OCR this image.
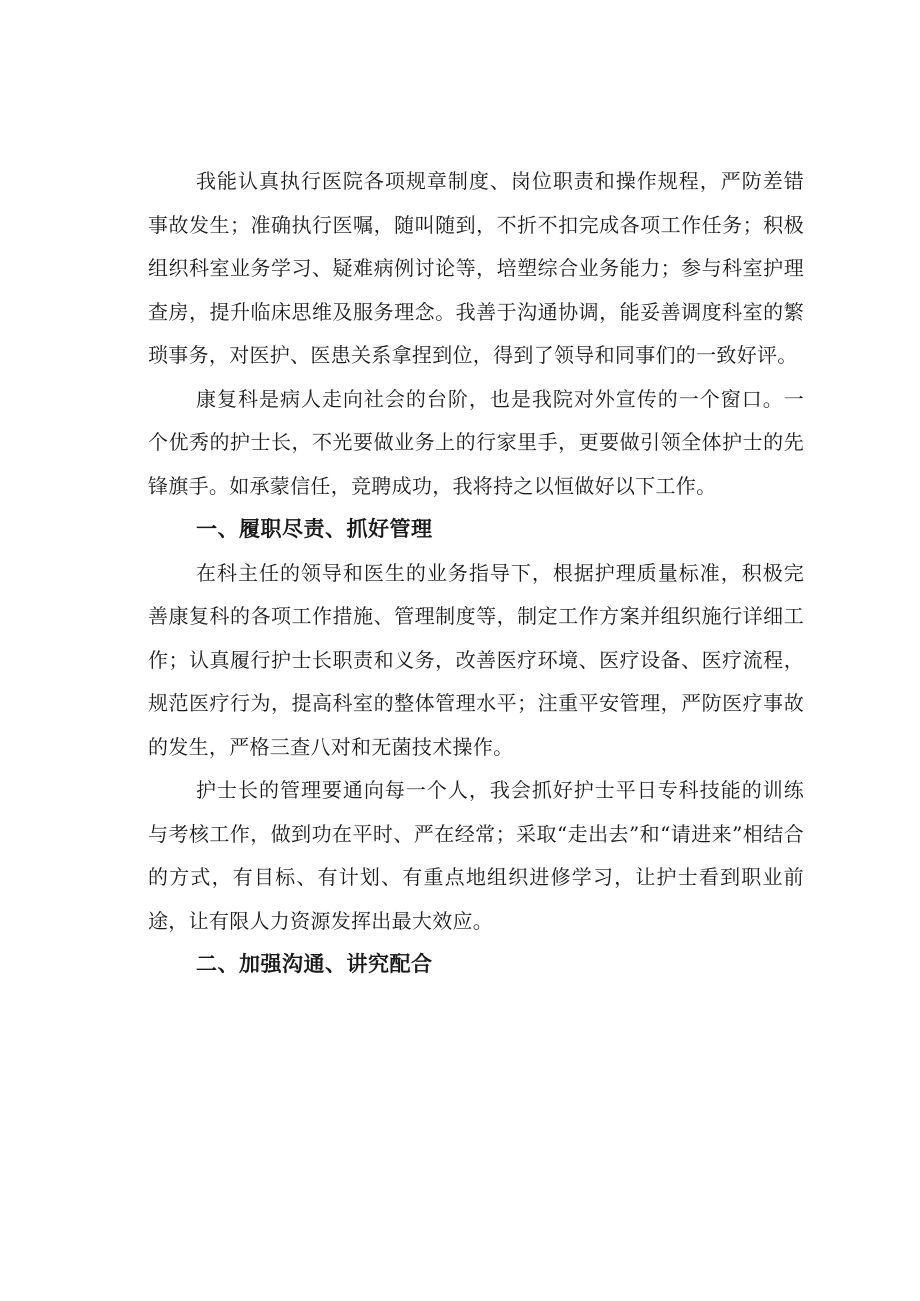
我能认真执行医院各项规章制度、岗位职责和操作规程，严防差错事故发生；准确执行医嘱，随叫随到，不折不扣完成各项工作任务；积极组织科室业务学习、疑难病例讨论等，培塑综合业务能力；参与科室护理查房，提升临床思维及服务理念。我善于沟通协调，能妥善调度科室的繁琐事务，对医护、医患关系拿捏到位，得到了领导和同事们的一致好评。

康复科是病人走向社会的台阶，也是我院对外宣传的一个窗口。一个优秀的护士长，不光要做业务上的行家里手，更要做引领全体护士的先锋旗手。如承蒙信任，竞聘成功，我将持之以恒做好以下工作。

一、履职尽责、抓好管理

在科主任的领导和医生的业务指导下，根据护理质量标准，积极完善康复科的各项工作措施、管理制度等，制定工作方案并组织施行详细工作；认真履行护士长职责和义务，改善医疗环境、医疗设备、医疗流程，规范医疗行为，提高科室的整体管理水平；注重平安管理，严防医疗事故的发生，严格三查八对和无菌技术操作。

护士长的管理要通向每一个人，我会抓好护士平日专科技能的训练与考核工作，做到功在平时、严在经常；采取“走出去”和“请进来”相结合的方式，有目标、有计划、有重点地组织进修学习，让护士看到职业前途，让有限人力资源发挥出最大效应。

二、加强沟通、讲究配合
